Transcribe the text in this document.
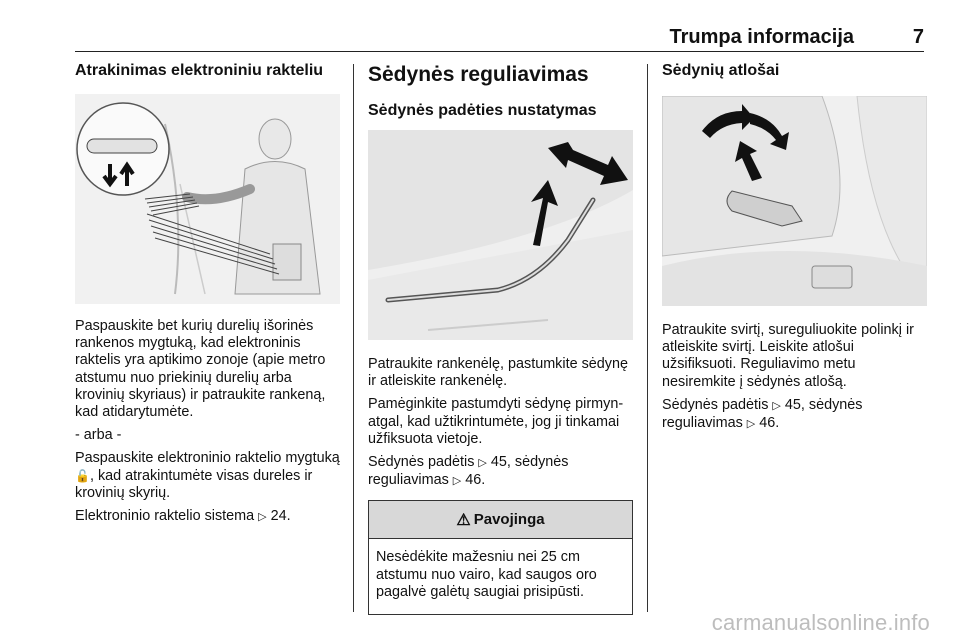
Trumpa informacija	7
Atrakinimas elektroniniu rakteliu

Paspauskite bet kurių durelių išorinės rankenos mygtuką, kad elektroninis raktelis yra aptikimo zonoje (apie metro atstumu nuo priekinių durelių arba krovinių skyriaus) ir patraukite rankeną, kad atidarytumėte.

- arba -

Paspauskite elektroninio raktelio mygtuką 🔓, kad atrakintumėte visas dureles ir krovinių skyrių.

Elektroninio raktelio sistema ▷ 24.

Sėdynės reguliavimas
Sėdynės padėties nustatymas

Patraukite rankenėlę, pastumkite sėdynę ir atleiskite rankenėlę.

Pamėginkite pastumdyti sėdynę pirmyn-atgal, kad užtikrintumėte, jog ji tinkamai užfiksuota vietoje.

Sėdynės padėtis ▷ 45, sėdynės reguliavimas ▷ 46.

⚠ Pavojinga

Nesėdėkite mažesniu nei 25 cm atstumu nuo vairo, kad saugos oro pagalvė galėtų saugiai prisipūsti.

Sėdynių atlošai

Patraukite svirtį, sureguliuokite polinkį ir atleiskite svirtį. Leiskite atlošui užsifiksuoti. Reguliavimo metu nesiremkite į sėdynės atlošą.

Sėdynės padėtis ▷ 45, sėdynės reguliavimas ▷ 46.

carmanualsonline.info
